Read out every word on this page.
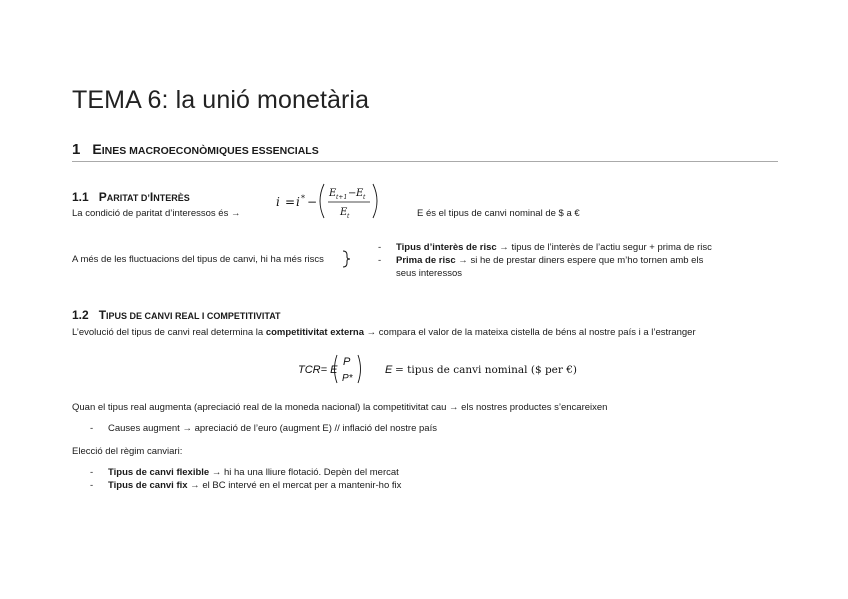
TEMA 6: la unió monetària
1 EINES MACROECONÒMIQUES ESSENCIALS
1.1 PARITAT D’INTERÈS
La condició de paritat d’interessos és →
i = i * −
E t+1 − E t
E t	E és el tipus de canvi nominal de $ a €
A més de les fluctuacions del tipus de canvi, hi ha més riscs
- Tipus d’interès de risc → tipus de l’interès de l’actiu segur + prima de risc
- Prima de risc → si he de prestar diners espere que m’ho tornen amb els
seus interessos
1.2 TIPUS DE CANVI REAL I COMPETITIVITAT
L’evolució del tipus de canvi real determina la competitivitat externa → compara el valor de la mateixa cistella de béns al nostre país i a l’estranger
TCR= E
P
P*
E = tipus de canvi nominal ($ per €)
Quan el tipus real augmenta (apreciació real de la moneda nacional) la competitivitat cau → els nostres productes s’encareixen
- Causes augment → apreciació de l’euro (augment E) // inflació del nostre país
Elecció del règim canviari:
- Tipus de canvi flexible → hi ha una lliure flotació. Depèn del mercat
- Tipus de canvi fix → el BC intervé en el mercat per a mantenir-ho fix
